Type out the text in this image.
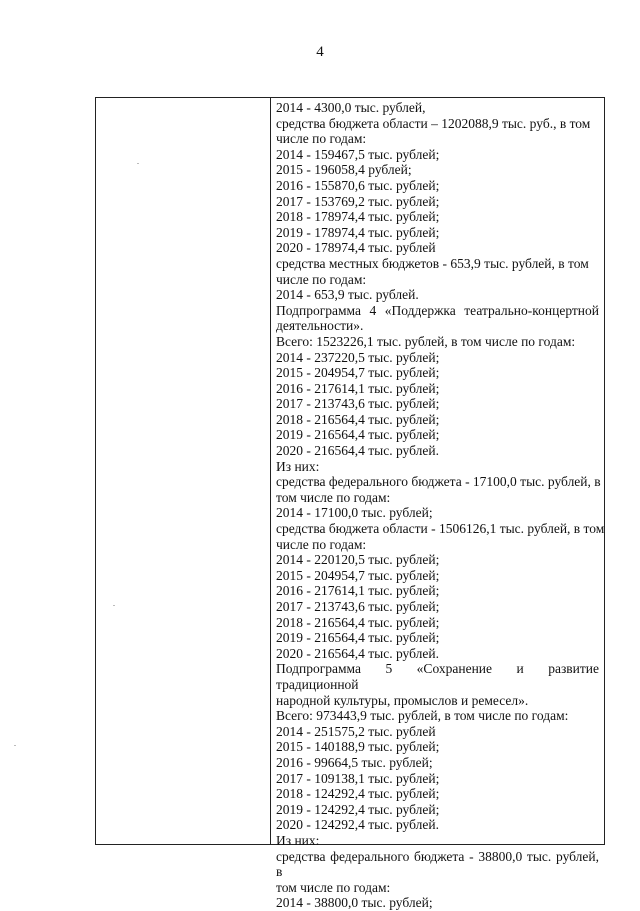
4
2014 - 4300,0 тыс. рублей,
средства бюджета области – 1202088,9 тыс. руб., в том
числе по годам:
2014 - 159467,5 тыс. рублей;
2015 - 196058,4 рублей;
2016 - 155870,6 тыс. рублей;
2017 - 153769,2 тыс. рублей;
2018 - 178974,4 тыс. рублей;
2019 - 178974,4 тыс. рублей;
2020 - 178974,4 тыс. рублей
средства местных бюджетов - 653,9 тыс. рублей, в том
числе по годам:
2014 - 653,9 тыс. рублей.
Подпрограмма 4 «Поддержка театрально-концертной
деятельности».
Всего: 1523226,1 тыс. рублей, в том числе по годам:
2014 - 237220,5 тыс. рублей;
2015 - 204954,7 тыс. рублей;
2016 - 217614,1 тыс. рублей;
2017 - 213743,6 тыс. рублей;
2018 - 216564,4 тыс. рублей;
2019 - 216564,4 тыс. рублей;
2020 - 216564,4 тыс. рублей.
Из них:
средства федерального бюджета - 17100,0 тыс. рублей, в
том числе по годам:
2014 - 17100,0 тыс. рублей;
средства бюджета области - 1506126,1 тыс. рублей, в том
числе по годам:
2014 - 220120,5 тыс. рублей;
2015 - 204954,7 тыс. рублей;
2016 - 217614,1 тыс. рублей;
2017 - 213743,6 тыс. рублей;
2018 - 216564,4 тыс. рублей;
2019 - 216564,4 тыс. рублей;
2020 - 216564,4 тыс. рублей.
Подпрограмма 5 «Сохранение и развитие традиционной
народной культуры, промыслов и ремесел».
Всего: 973443,9 тыс. рублей, в том числе по годам:
2014 - 251575,2 тыс. рублей
2015 - 140188,9 тыс. рублей;
2016 - 99664,5 тыс. рублей;
2017 - 109138,1 тыс. рублей;
2018 - 124292,4 тыс. рублей;
2019 - 124292,4 тыс. рублей;
2020 - 124292,4 тыс. рублей.
Из них:
средства федерального бюджета - 38800,0 тыс. рублей, в
том числе по годам:
2014 - 38800,0 тыс. рублей;
